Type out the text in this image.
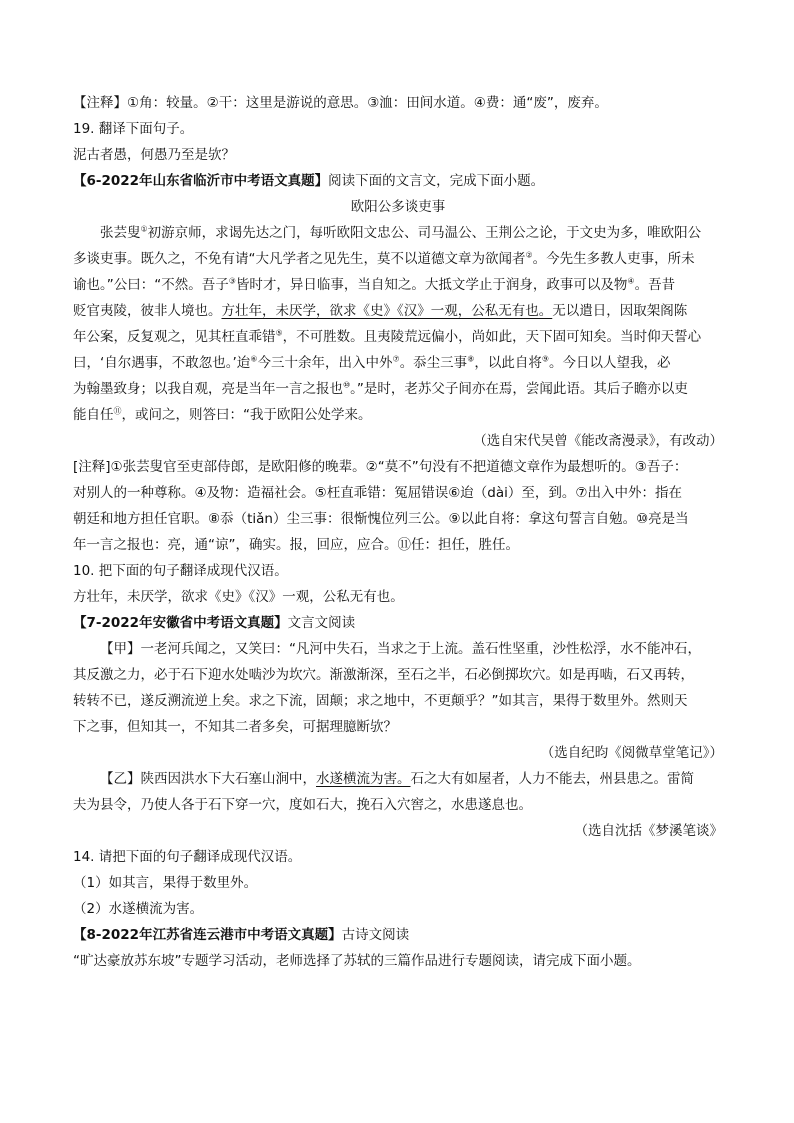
【注释】①角：较量。②干：这里是游说的意思。③洫：田间水道。④费：通“废”，废弃。
19. 翻译下面句子。
泥古者愚，何愚乃至是欤？
【6-2022年山东省临沂市中考语文真题】阅读下面的文言文，完成下面小题。
欧阳公多谈吏事
张芸叟①初游京师，求谒先达之门，每听欧阳文忠公、司马温公、王荆公之论，于文史为多，唯欧阳公
多谈吏事。既久之，不免有请“大凡学者之见先生，莫不以道德文章为欲闻者②。今先生多教人吏事，所未
谕也。”公曰：“不然。吾子③皆时才，异日临事，当自知之。大抵文学止于润身，政事可以及物④。吾昔
贬官夷陵，彼非人境也。方壮年，未厌学，欲求《史》《汉》一观，公私无有也。无以遣日，因取架阁陈
年公案，反复观之，见其枉直乖错⑤，不可胜数。且夷陵荒远偏小，尚如此，天下固可知矣。当时仰天誓心
曰，‘自尔遇事，不敢忽也。’迨⑥今三十余年，出入中外⑦。忝尘三事⑧，以此自将⑨。今日以人望我，必
为翰墨致身；以我自观，亮是当年一言之报也⑩。”是时，老苏父子间亦在焉，尝闻此语。其后子瞻亦以吏
能自任⑪，或问之，则答曰：“我于欧阳公处学来。
（选自宋代吴曾《能改斋漫录》，有改动）
[注释]①张芸叟官至吏部侍郎，是欧阳修的晚辈。②“莫不”句没有不把道德文章作为最想听的。③吾子：
对别人的一种尊称。④及物：造福社会。⑤枉直乖错：冤屈错误⑥迨（dài）至，到。⑦出入中外：指在
朝廷和地方担任官职。⑧忝（tiǎn）尘三事：很惭愧位列三公。⑨以此自将：拿这句誓言自勉。⑩亮是当
年一言之报也：亮，通“谅”，确实。报，回应，应合。⑪任：担任，胜任。
10. 把下面的句子翻译成现代汉语。
方壮年，未厌学，欲求《史》《汉》一观，公私无有也。
【7-2022年安徽省中考语文真题】文言文阅读
【甲】一老河兵闻之，又笑曰：“凡河中失石，当求之于上流。盖石性坚重，沙性松浮，水不能冲石，
其反激之力，必于石下迎水处啮沙为坎穴。渐激渐深，至石之半，石必倒掷坎穴。如是再啮，石又再转，
转转不已，遂反溯流逆上矣。求之下流，固颠；求之地中，不更颠乎？”如其言，果得于数里外。然则天
下之事，但知其一，不知其二者多矣，可据理臆断欤？
（选自纪昀《阅微草堂笔记》）
【乙】陕西因洪水下大石塞山涧中，水遂横流为害。石之大有如屋者，人力不能去，州县患之。雷简
夫为县令，乃使人各于石下穿一穴，度如石大，挽石入穴窖之，水患遂息也。
（选自沈括《梦溪笔谈》
14. 请把下面的句子翻译成现代汉语。
（1）如其言，果得于数里外。
（2）水遂横流为害。
【8-2022年江苏省连云港市中考语文真题】古诗文阅读
“旷达豪放苏东坡”专题学习活动，老师选择了苏轼的三篇作品进行专题阅读，请完成下面小题。
